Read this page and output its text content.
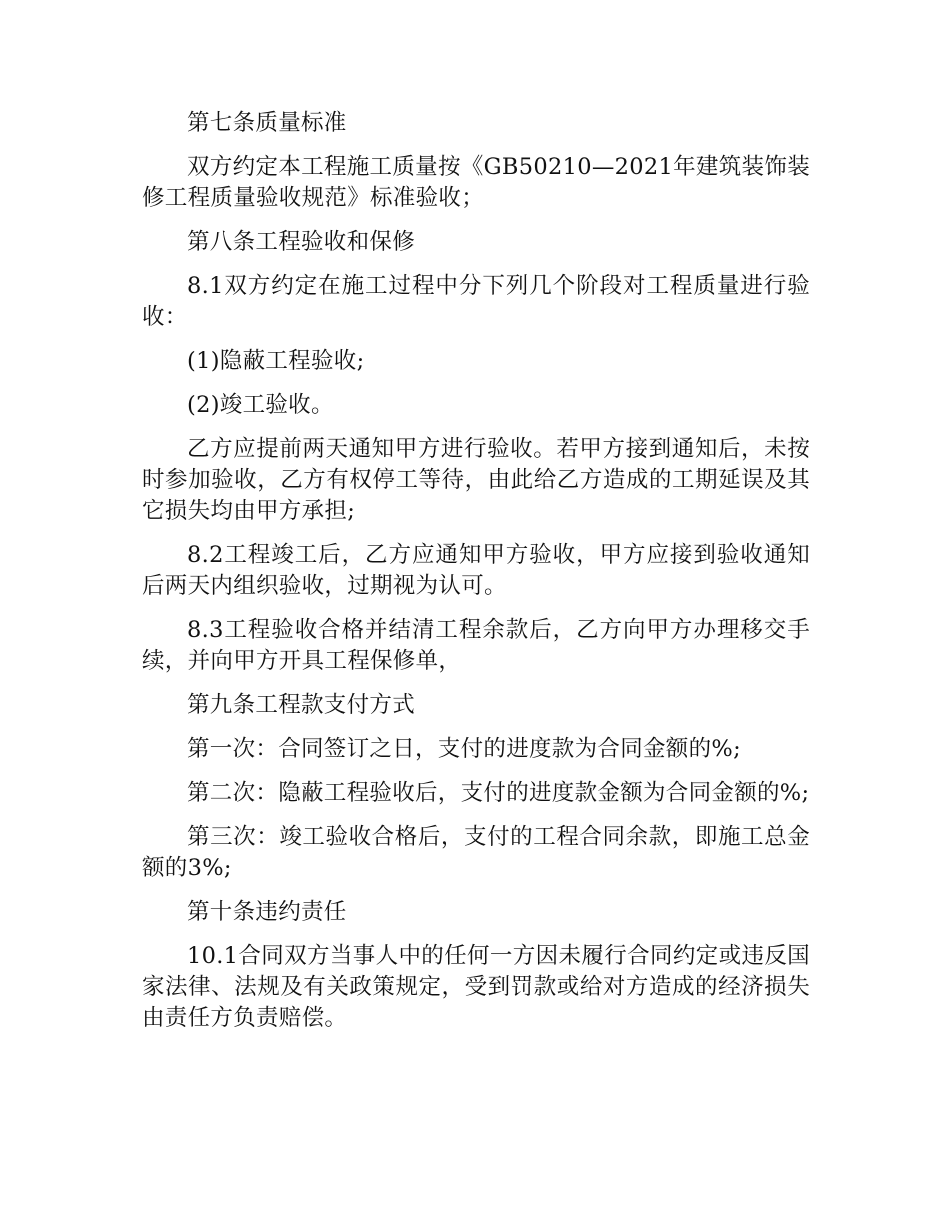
第七条质量标准

双方约定本工程施工质量按《GB50210—2021年建筑装饰装修工程质量验收规范》标准验收；

第八条工程验收和保修

8.1双方约定在施工过程中分下列几个阶段对工程质量进行验收：

(1)隐蔽工程验收;

(2)竣工验收。

乙方应提前两天通知甲方进行验收。若甲方接到通知后，未按时参加验收，乙方有权停工等待，由此给乙方造成的工期延误及其它损失均由甲方承担;

8.2工程竣工后，乙方应通知甲方验收，甲方应接到验收通知后两天内组织验收，过期视为认可。

8.3工程验收合格并结清工程余款后，乙方向甲方办理移交手续，并向甲方开具工程保修单，

第九条工程款支付方式

第一次：合同签订之日，支付的进度款为合同金额的%;

第二次：隐蔽工程验收后，支付的进度款金额为合同金额的%;

第三次：竣工验收合格后，支付的工程合同余款，即施工总金额的3%;

第十条违约责任

10.1合同双方当事人中的任何一方因未履行合同约定或违反国家法律、法规及有关政策规定，受到罚款或给对方造成的经济损失由责任方负责赔偿。
